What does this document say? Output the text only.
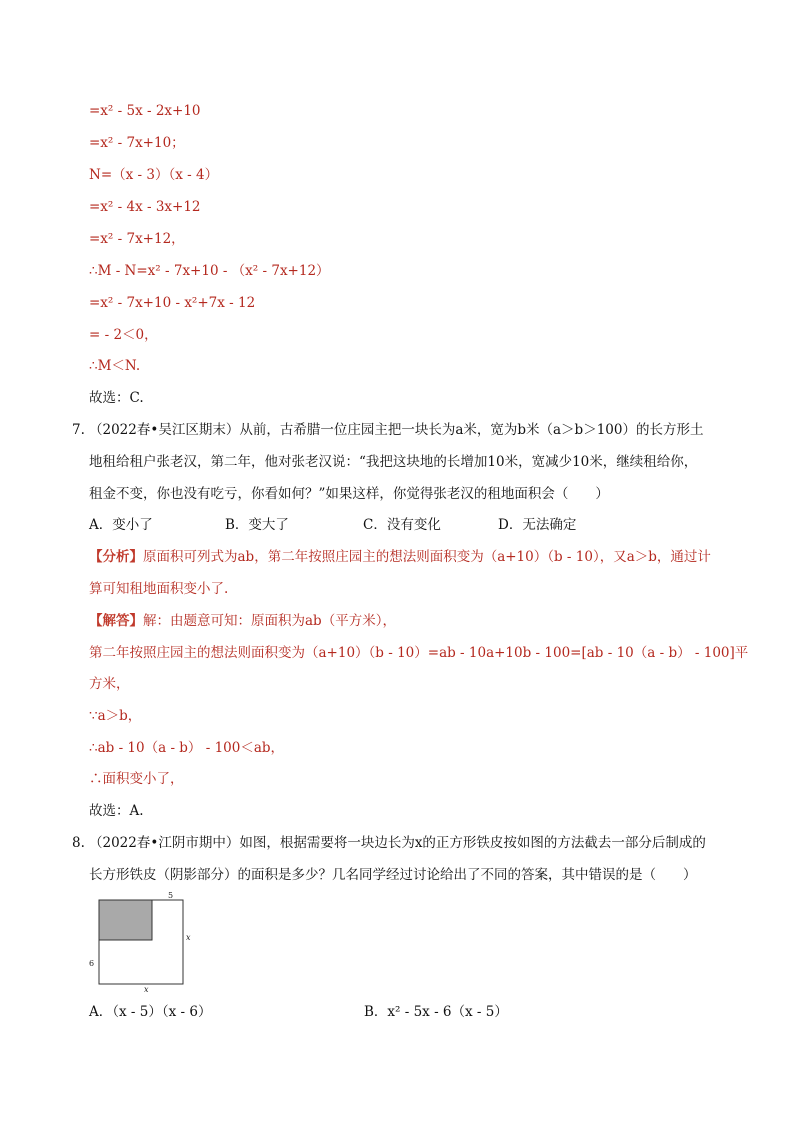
=x² - 5x - 2x+10
=x² - 7x+10；
N=（x - 3）（x - 4）
=x² - 4x - 3x+12
=x² - 7x+12，
∴M - N=x² - 7x+10 - （x² - 7x+12）
=x² - 7x+10 - x²+7x - 12
= - 2＜0，
∴M＜N.
故选：C.
7. （2022春•吴江区期末）从前，古希腊一位庄园主把一块长为a米，宽为b米（a＞b＞100）的长方形土
地租给租户张老汉，第二年，他对张老汉说：“我把这块地的长增加10米，宽减少10米，继续租给你，
租金不变，你也没有吃亏，你看如何？”如果这样，你觉得张老汉的租地面积会（　　）
A．变小了	B．变大了	C．没有变化	D．无法确定
【分析】原面积可列式为ab，第二年按照庄园主的想法则面积变为（a+10）（b - 10），又a＞b，通过计
算可知租地面积变小了.
【解答】解：由题意可知：原面积为ab（平方米），
第二年按照庄园主的想法则面积变为（a+10）（b - 10）=ab - 10a+10b - 100=[ab - 10（a - b） - 100]平
方米，
∵a＞b，
∴ab - 10（a - b） - 100＜ab，
∴面积变小了，
故选：A.
8. （2022春•江阴市期中）如图，根据需要将一块边长为x的正方形铁皮按如图的方法截去一部分后制成的
长方形铁皮（阴影部分）的面积是多少？几名同学经过讨论给出了不同的答案，其中错误的是（　　）
5
x
6
x
A．（x - 5）（x - 6）	B．x² - 5x - 6（x - 5）
